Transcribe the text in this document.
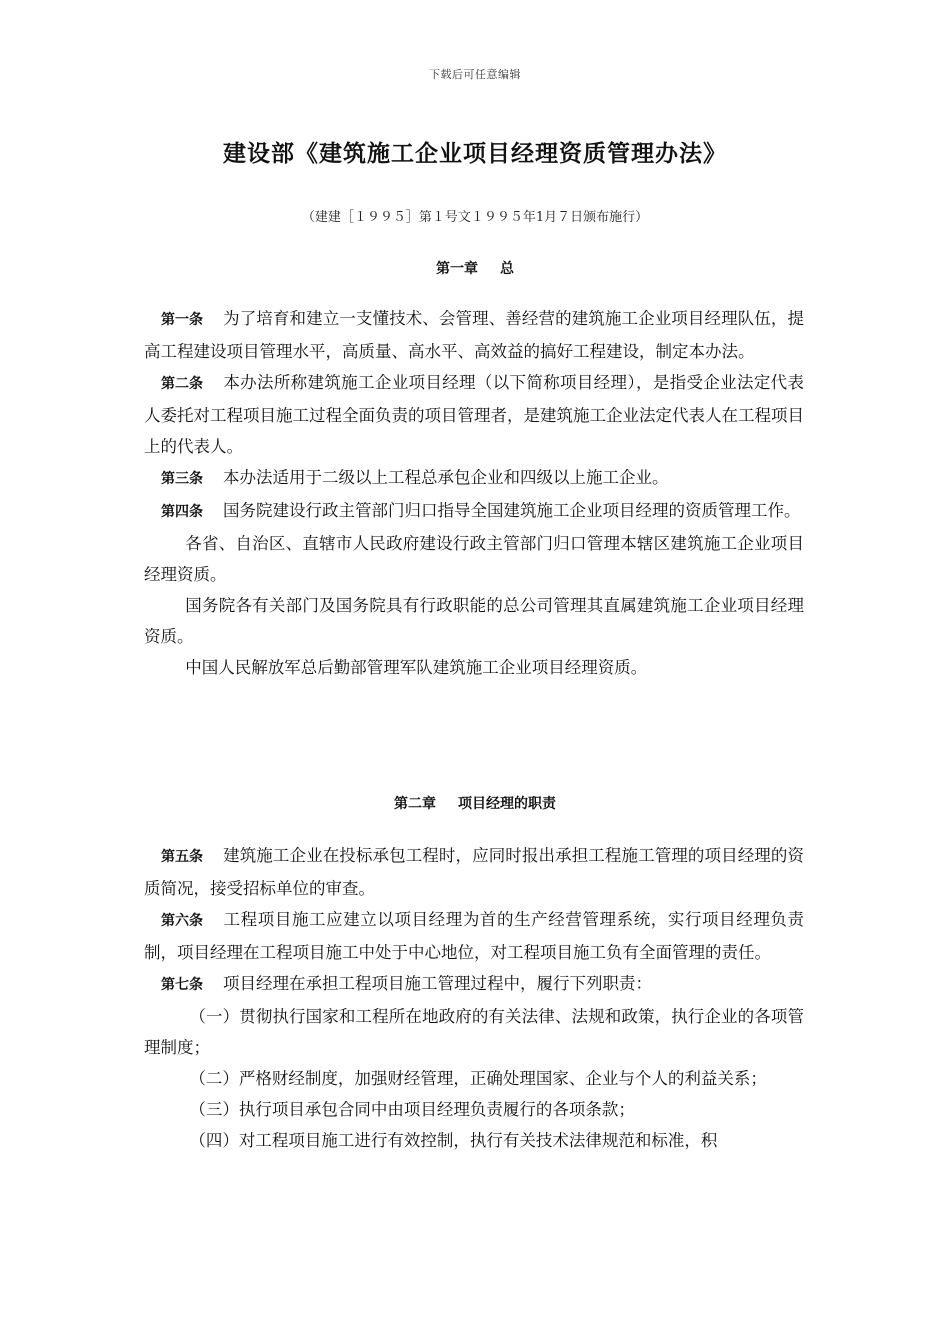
下载后可任意编辑
建设部《建筑施工企业项目经理资质管理办法》
（建建［１９９５］第１号文１９９５年1月７日颁布施行）
第一章 总

第一条 为了培育和建立一支懂技术、会管理、善经营的建筑施工企业项目经理队伍，提高工程建设项目管理水平，高质量、高水平、高效益的搞好工程建设，制定本办法。

第二条 本办法所称建筑施工企业项目经理（以下简称项目经理），是指受企业法定代表人委托对工程项目施工过程全面负责的项目管理者，是建筑施工企业法定代表人在工程项目上的代表人。

第三条 本办法适用于二级以上工程总承包企业和四级以上施工企业。

第四条 国务院建设行政主管部门归口指导全国建筑施工企业项目经理的资质管理工作。

各省、自治区、直辖市人民政府建设行政主管部门归口管理本辖区建筑施工企业项目经理资质。

国务院各有关部门及国务院具有行政职能的总公司管理其直属建筑施工企业项目经理资质。

中国人民解放军总后勤部管理军队建筑施工企业项目经理资质。

第二章 项目经理的职责

第五条 建筑施工企业在投标承包工程时，应同时报出承担工程施工管理的项目经理的资质简况，接受招标单位的审查。

第六条 工程项目施工应建立以项目经理为首的生产经营管理系统，实行项目经理负责制，项目经理在工程项目施工中处于中心地位，对工程项目施工负有全面管理的责任。

第七条 项目经理在承担工程项目施工管理过程中，履行下列职责：

（一）贯彻执行国家和工程所在地政府的有关法律、法规和政策，执行企业的各项管理制度；

（二）严格财经制度，加强财经管理，正确处理国家、企业与个人的利益关系；

（三）执行项目承包合同中由项目经理负责履行的各项条款；

（四）对工程项目施工进行有效控制，执行有关技术法律规范和标准，积
